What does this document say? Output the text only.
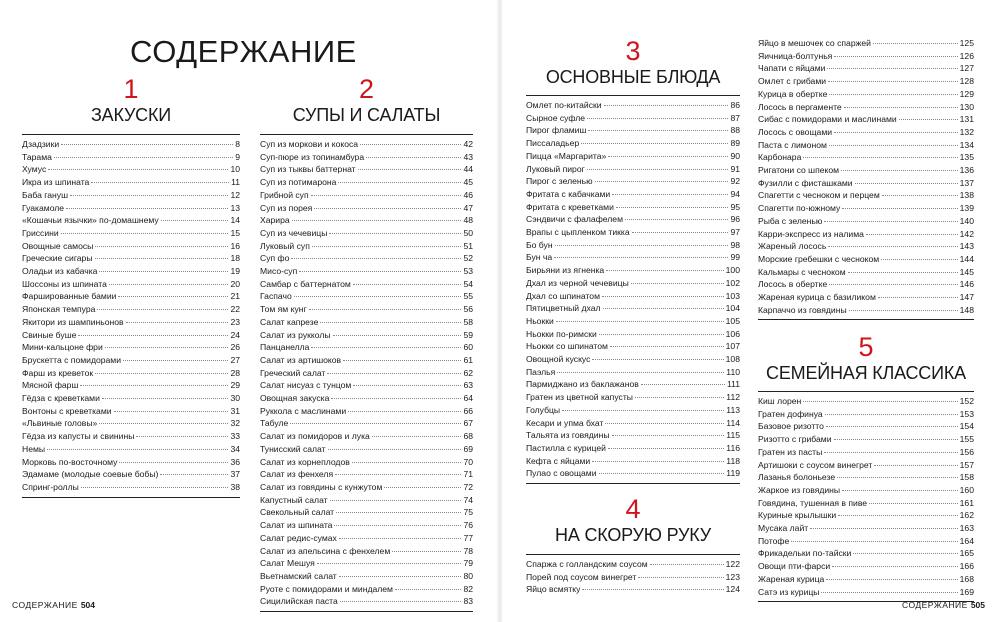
СОДЕРЖАНИЕ
1
ЗАКУСКИ
Дзадзики	8
Тарама	9
Хумус	10
Икра из шпината	11
Баба гануш	12
Гуакамоле	13
«Кошачьи язычки» по-домашнему	14
Гриссини	15
Овощные самосы	16
Греческие сигары	18
Оладьи из кабачка	19
Шоссоны из шпината	20
Фаршированные бамии	21
Японская темпура	22
Якитори из шампиньонов	23
Свиные буше	24
Мини-кальцоне фри	26
Брускетта с помидорами	27
Фарш из креветок	28
Мясной фарш	29
Гёдза с креветками	30
Вонтоны с креветками	31
«Львиные головы»	32
Гёдза из капусты и свинины	33
Немы	34
Морковь по-восточному	36
Эдамаме (молодые соевые бобы)	37
Спринг-роллы	38
2
СУПЫ И САЛАТЫ
Суп из моркови и кокоса	42
Суп-пюре из топинамбура	43
Суп из тыквы баттернат	44
Суп из потимарона	45
Грибной суп	46
Суп из порея	47
Харира	48
Суп из чечевицы	50
Луковый суп	51
Суп фо	52
Мисо-суп	53
Самбар с баттернатом	54
Гаспачо	55
Том ям кунг	56
Салат капрезе	58
Салат из рукколы	59
Панцанелла	60
Салат из артишоков	61
Греческий салат	62
Салат нисуаз с тунцом	63
Овощная закуска	64
Руккола с маслинами	66
Табуле	67
Салат из помидоров и лука	68
Тунисский салат	69
Салат из корнеплодов	70
Салат из фенхеля	71
Салат из говядины с кунжутом	72
Капустный салат	74
Свекольный салат	75
Салат из шпината	76
Салат редис-сумах	77
Салат из апельсина с фенхелем	78
Салат Мешуя	79
Вьетнамский салат	80
Руоте с помидорами и миндалем	82
Сицилийская паста	83
СОДЕРЖАНИЕ 504
3
ОСНОВНЫЕ БЛЮДА
Омлет по-китайски	86
Сырное суфле	87
Пирог фламиш	88
Писсаладьер	89
Пицца «Маргарита»	90
Луковый пирог	91
Пирог с зеленью	92
Фритата с кабачками	94
Фритата с креветками	95
Сэндвичи с фалафелем	96
Врапы с цыпленком тикка	97
Бо бун	98
Бун ча	99
Бирьяни из ягненка	100
Дхал из черной чечевицы	102
Дхал со шпинатом	103
Пятицветный дхал	104
Ньокки	105
Ньокки по-римски	106
Ньокки со шпинатом	107
Овощной кускус	108
Паэлья	110
Пармиджано из баклажанов	111
Гратен из цветной капусты	112
Голубцы	113
Кесари и упма бхат	114
Тальята из говядины	115
Пастилла с курицей	116
Кефта с яйцами	118
Пулао с овощами	119
4
НА СКОРУЮ РУКУ
Спаржа с голландским соусом	122
Порей под соусом винегрет	123
Яйцо всмятку	124
Яйцо в мешочек со спаржей	125
Яичница-болтунья	126
Чапати с яйцами	127
Омлет с грибами	128
Курица в обертке	129
Лосось в пергаменте	130
Сибас с помидорами и маслинами	131
Лосось с овощами	132
Паста с лимоном	134
Карбонара	135
Ригатони со шпеком	136
Фузилли с фисташками	137
Спагетти с чесноком и перцем	138
Спагетти по-южному	139
Рыба с зеленью	140
Карри-экспресс из налима	142
Жареный лосось	143
Морские гребешки с чесноком	144
Кальмары с чесноком	145
Лосось в обертке	146
Жареная курица с базиликом	147
Карпаччо из говядины	148
5
СЕМЕЙНАЯ КЛАССИКА
Киш лорен	152
Гратен дофинуа	153
Базовое ризотто	154
Ризотто с грибами	155
Гратен из пасты	156
Артишоки с соусом винегрет	157
Лазанья болоньезе	158
Жаркое из говядины	160
Говядина, тушенная в пиве	161
Куриные крылышки	162
Мусака лайт	163
Потофе	164
Фрикадельки по-тайски	165
Овощи пти-фарси	166
Жареная курица	168
Сатэ из курицы	169
СОДЕРЖАНИЕ 505
